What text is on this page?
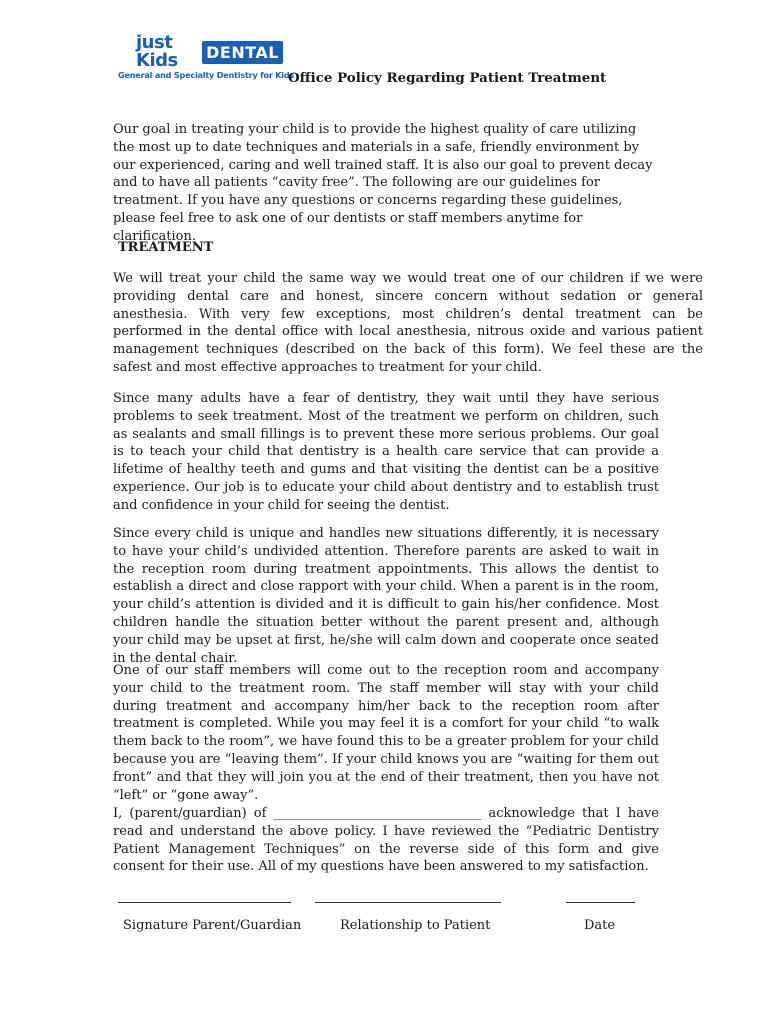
just Kids	DENTAL
General and Specialty Dentistry for Kids
Office Policy Regarding Patient Treatment

Our goal in treating your child is to provide the highest quality of care utilizing the most up to date techniques and materials in a safe, friendly environment by our experienced, caring and well trained staff. It is also our goal to prevent decay and to have all patients “cavity free”. The following are our guidelines for treatment. If you have any questions or concerns regarding these guidelines, please feel free to ask one of our dentists or staff members anytime for clarification.

TREATMENT

We will treat your child the same way we would treat one of our children if we were providing dental care and honest, sincere concern without sedation or general anesthesia. With very few exceptions, most children’s dental treatment can be performed in the dental office with local anesthesia, nitrous oxide and various patient management techniques (described on the back of this form). We feel these are the safest and most effective approaches to treatment for your child.

Since many adults have a fear of dentistry, they wait until they have serious problems to seek treatment. Most of the treatment we perform on children, such as sealants and small fillings is to prevent these more serious problems. Our goal is to teach your child that dentistry is a health care service that can provide a lifetime of healthy teeth and gums and that visiting the dentist can be a positive experience. Our job is to educate your child about dentistry and to establish trust and confidence in your child for seeing the dentist.

Since every child is unique and handles new situations differently, it is necessary to have your child’s undivided attention. Therefore parents are asked to wait in the reception room during treatment appointments. This allows the dentist to establish a direct and close rapport with your child. When a parent is in the room, your child’s attention is divided and it is difficult to gain his/her confidence. Most children handle the situation better without the parent present and, although your child may be upset at first, he/she will calm down and cooperate once seated in the dental chair.

One of our staff members will come out to the reception room and accompany your child to the treatment room. The staff member will stay with your child during treatment and accompany him/her back to the reception room after treatment is completed. While you may feel it is a comfort for your child “to walk them back to the room”, we have found this to be a greater problem for your child because you are “leaving them”. If your child knows you are “waiting for them out front” and that they will join you at the end of their treatment, then you have not “left” or “gone away”.

I, (parent/guardian) of ________________________________ acknowledge that I have read and understand the above policy. I have reviewed the “Pediatric Dentistry Patient Management Techniques” on the reverse side of this form and give consent for their use. All of my questions have been answered to my satisfaction.

Signature Parent/Guardian	Relationship to Patient	Date
